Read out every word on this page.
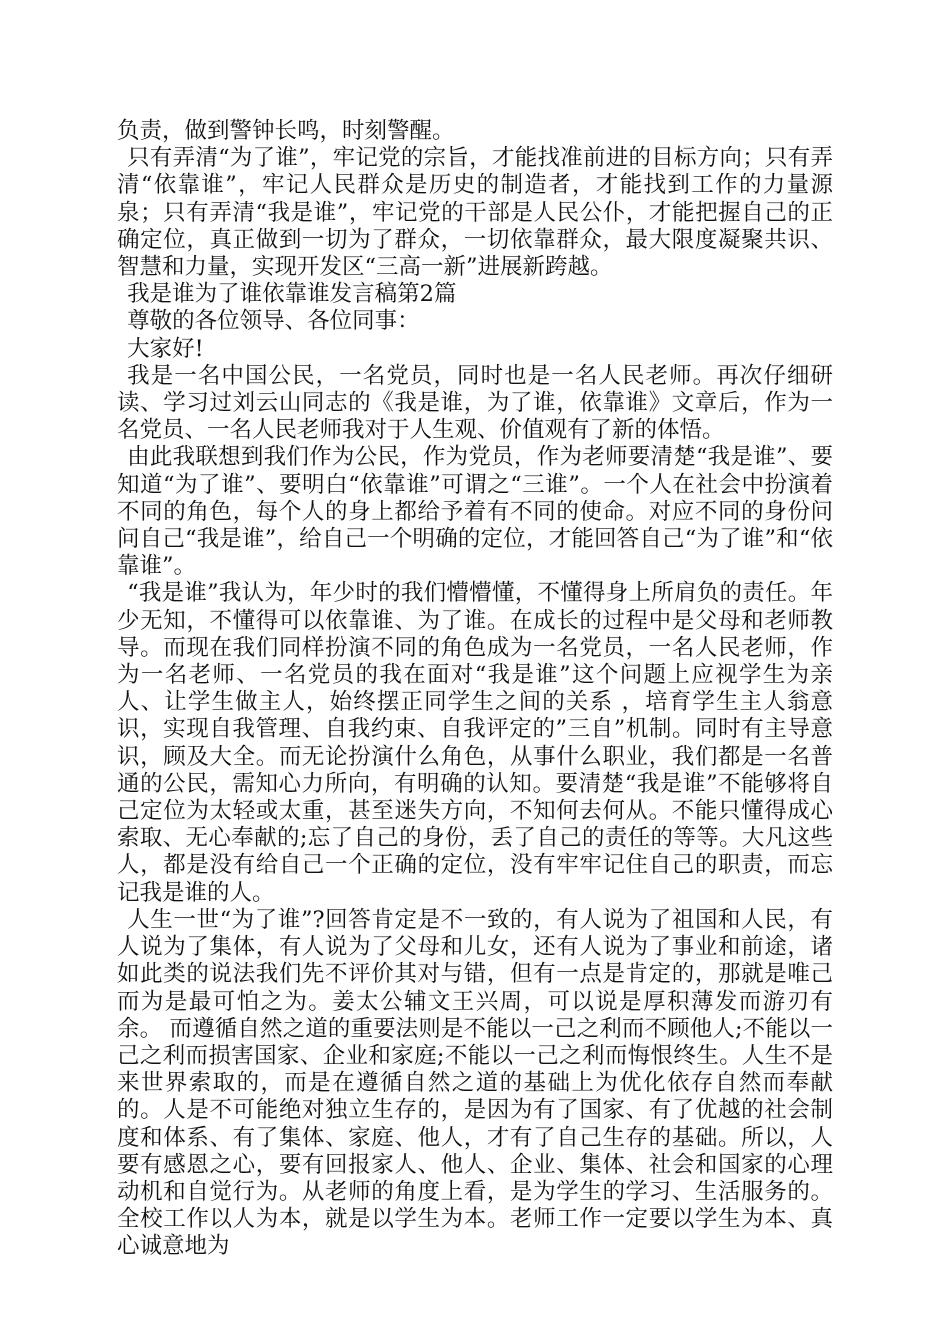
负责，做到警钟长鸣，时刻警醒。

只有弄清“为了谁”，牢记党的宗旨，才能找准前进的目标方向；只有弄清“依靠谁”，牢记人民群众是历史的制造者，才能找到工作的力量源泉；只有弄清“我是谁”，牢记党的干部是人民公仆，才能把握自己的正确定位，真正做到一切为了群众，一切依靠群众，最大限度凝聚共识、智慧和力量，实现开发区“三高一新”进展新跨越。

我是谁为了谁依靠谁发言稿第2篇

尊敬的各位领导、各位同事：

大家好!

我是一名中国公民，一名党员，同时也是一名人民老师。再次仔细研读、学习过刘云山同志的《我是谁，为了谁，依靠谁》文章后，作为一名党员、一名人民老师我对于人生观、价值观有了新的体悟。

由此我联想到我们作为公民，作为党员，作为老师要清楚“我是谁”、要知道“为了谁”、要明白“依靠谁”可谓之“三谁”。一个人在社会中扮演着不同的角色，每个人的身上都给予着有不同的使命。对应不同的身份问问自己“我是谁”，给自己一个明确的定位，才能回答自己“为了谁”和“依靠谁”。

“我是谁”我认为，年少时的我们懵懵懂，不懂得身上所肩负的责任。年少无知，不懂得可以依靠谁、为了谁。在成长的过程中是父母和老师教导。而现在我们同样扮演不同的角色成为一名党员，一名人民老师，作为一名老师、一名党员的我在面对“我是谁”这个问题上应视学生为亲人、让学生做主人，始终摆正同学生之间的关系 ，培育学生主人翁意识，实现自我管理、自我约束、自我评定的”三自”机制。同时有主导意识，顾及大全。而无论扮演什么角色，从事什么职业，我们都是一名普通的公民，需知心力所向，有明确的认知。要清楚“我是谁”不能够将自己定位为太轻或太重，甚至迷失方向，不知何去何从。不能只懂得成心索取、无心奉献的;忘了自己的身份，丢了自己的责任的等等。大凡这些人，都是没有给自己一个正确的定位，没有牢牢记住自己的职责，而忘记我是谁的人。

人生一世“为了谁”?回答肯定是不一致的，有人说为了祖国和人民，有人说为了集体，有人说为了父母和儿女，还有人说为了事业和前途，诸如此类的说法我们先不评价其对与错，但有一点是肯定的，那就是唯己而为是最可怕之为。姜太公辅文王兴周，可以说是厚积薄发而游刃有余。 而遵循自然之道的重要法则是不能以一己之利而不顾他人;不能以一己之利而损害国家、企业和家庭;不能以一己之利而悔恨终生。人生不是来世界索取的，而是在遵循自然之道的基础上为优化依存自然而奉献的。人是不可能绝对独立生存的，是因为有了国家、有了优越的社会制度和体系、有了集体、家庭、他人，才有了自己生存的基础。所以，人要有感恩之心，要有回报家人、他人、企业、集体、社会和国家的心理动机和自觉行为。从老师的角度上看，是为学生的学习、生活服务的。全校工作以人为本，就是以学生为本。老师工作一定要以学生为本、真心诚意地为
